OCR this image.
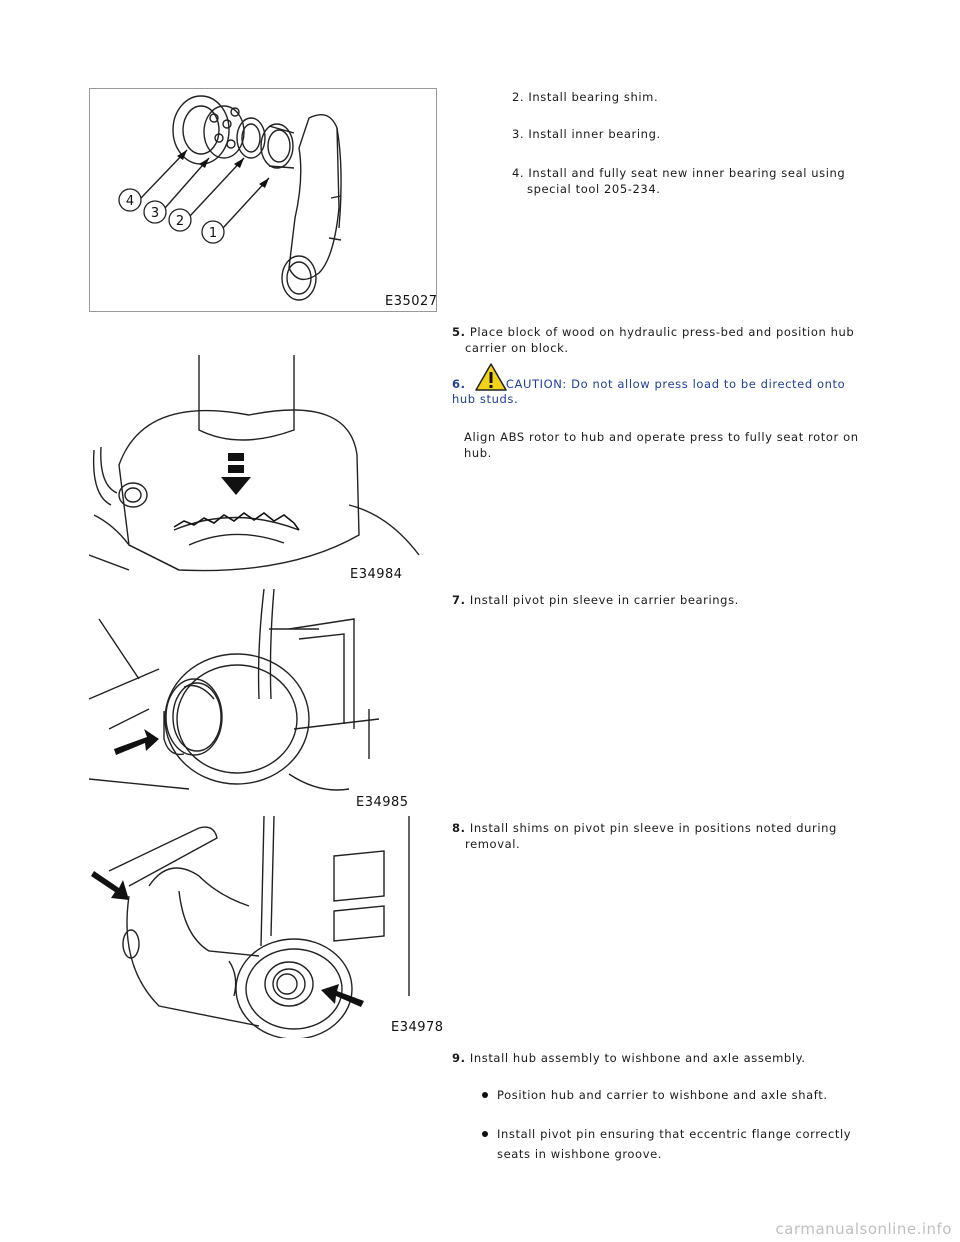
4
3
2
1
E35027
E34984
E34985
E34978
2. Install bearing shim.
3. Install inner bearing.
4. Install and fully seat new inner bearing seal using
special tool 205-234.
5. Place block of wood on hydraulic press-bed and position hub
carrier on block.
6.	CAUTION: Do not allow press load to be directed onto
hub studs.
Align ABS rotor to hub and operate press to fully seat rotor on
hub.
7. Install pivot pin sleeve in carrier bearings.
8. Install shims on pivot pin sleeve in positions noted during
removal.
9. Install hub assembly to wishbone and axle assembly.
Position hub and carrier to wishbone and axle shaft.
Install pivot pin ensuring that eccentric flange correctly
seats in wishbone groove.
carmanualsonline.info
